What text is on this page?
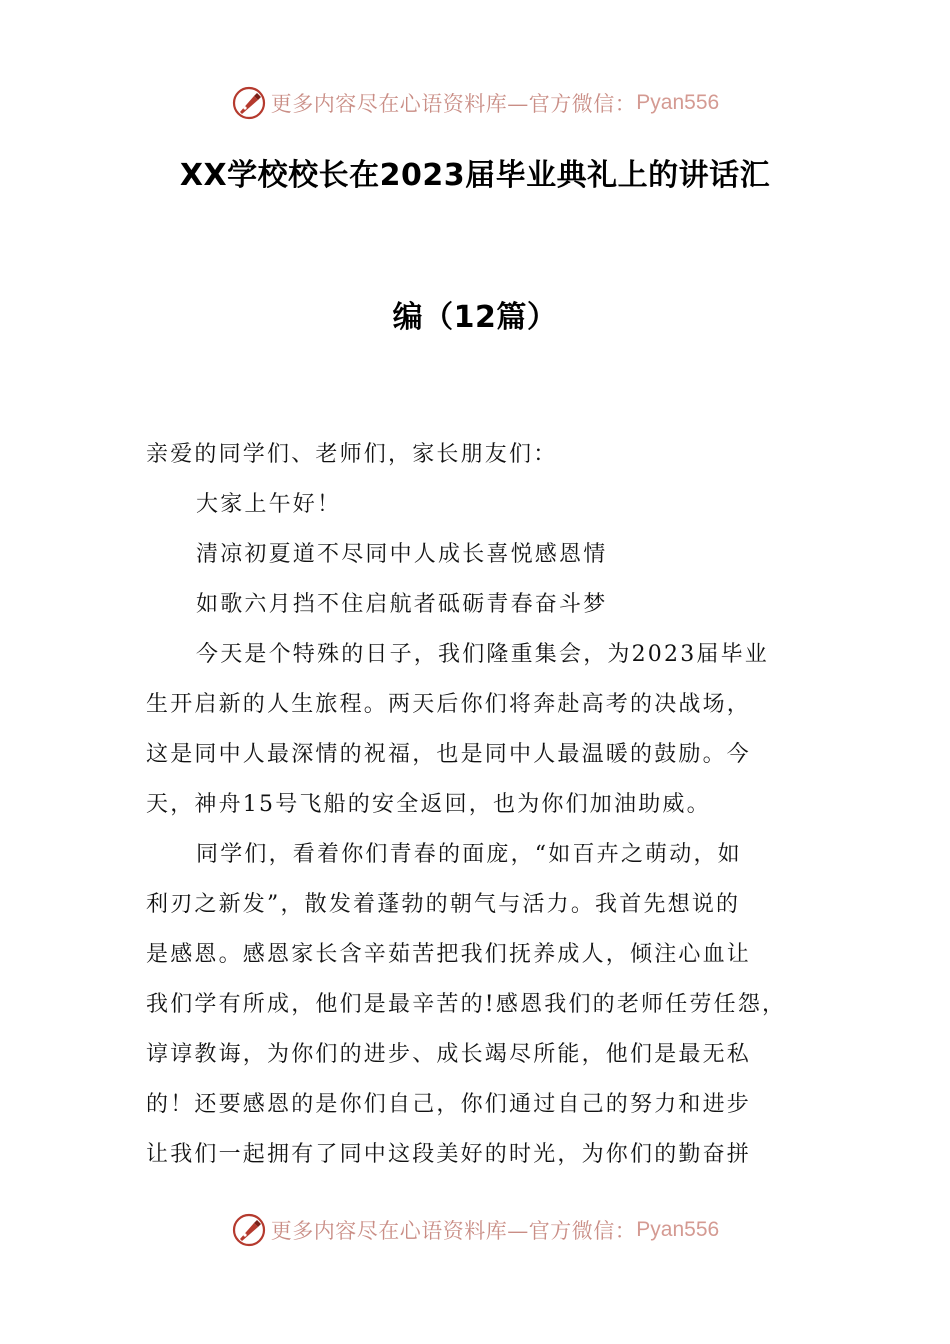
更多内容尽在心语资料库—官方微信： Pyan556
XX学校校长在2023届毕业典礼上的讲话汇
编（12篇）
亲爱的同学们、老师们，家长朋友们：
大家上午好！
清凉初夏道不尽同中人成长喜悦感恩情
如歌六月挡不住启航者砥砺青春奋斗梦
今天是个特殊的日子，我们隆重集会，为2023届毕业
生开启新的人生旅程。两天后你们将奔赴高考的决战场，
这是同中人最深情的祝福，也是同中人最温暖的鼓励。今
天，神舟15号飞船的安全返回，也为你们加油助威。
同学们，看着你们青春的面庞，“如百卉之萌动，如
利刃之新发”，散发着蓬勃的朝气与活力。我首先想说的
是感恩。感恩家长含辛茹苦把我们抚养成人，倾注心血让
我们学有所成，他们是最辛苦的!感恩我们的老师任劳任怨，
谆谆教诲，为你们的进步、成长竭尽所能，他们是最无私
的！还要感恩的是你们自己，你们通过自己的努力和进步
让我们一起拥有了同中这段美好的时光，为你们的勤奋拼
更多内容尽在心语资料库—官方微信： Pyan556
